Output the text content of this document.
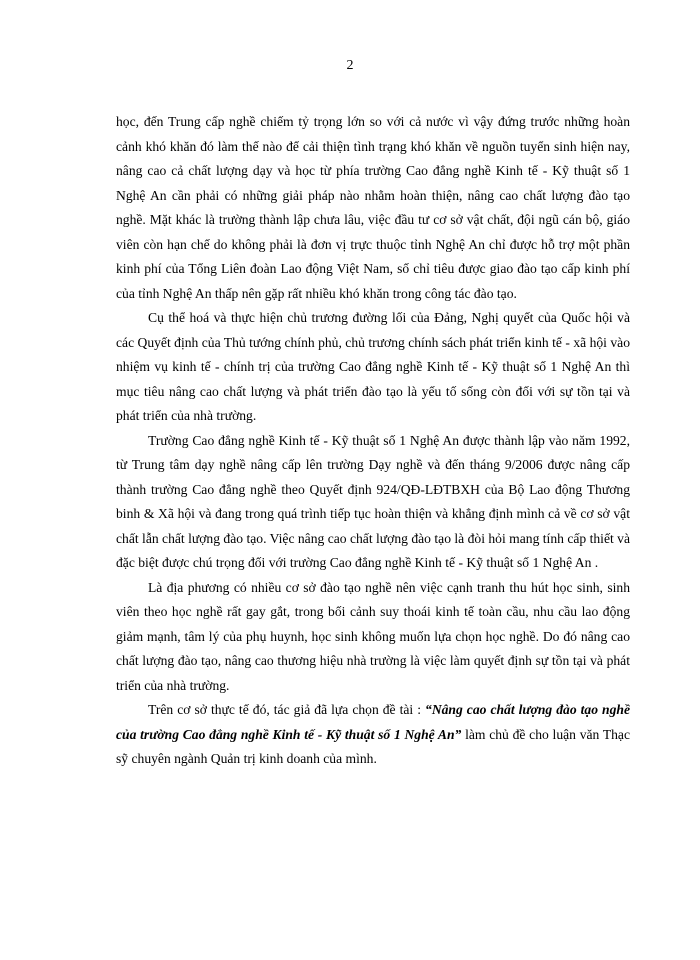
2

học, đến Trung cấp nghề chiếm tỷ trọng lớn so với cả nước vì vậy đứng trước những hoàn cảnh khó khăn đó làm thế nào để cải thiện tình trạng khó khăn về nguồn tuyển sinh hiện nay, nâng cao cả chất lượng dạy và học từ phía trường Cao đẳng nghề Kinh tế - Kỹ thuật số 1 Nghệ An cần phải có những giải pháp nào nhằm hoàn thiện, nâng cao chất lượng đào tạo nghề. Mặt khác là trường thành lập chưa lâu, việc đầu tư cơ sở vật chất, đội ngũ cán bộ, giáo viên còn hạn chế do không phải là đơn vị trực thuộc tỉnh Nghệ An chỉ được hỗ trợ một phần kinh phí của Tổng Liên đoàn Lao động Việt Nam, số chỉ tiêu được giao đào tạo cấp kinh phí của tỉnh Nghệ An thấp nên gặp rất nhiều khó khăn trong công tác đào tạo.

Cụ thể hoá và thực hiện chủ trương đường lối của Đảng, Nghị quyết của Quốc hội và các Quyết định của Thủ tướng chính phủ, chủ trương chính sách phát triển kinh tế - xã hội vào nhiệm vụ kinh tế - chính trị của trường Cao đẳng nghề Kinh tế - Kỹ thuật số 1 Nghệ An thì mục tiêu nâng cao chất lượng và phát triển đào tạo là yếu tố sống còn đối với sự tồn tại và phát triển của nhà trường.

Trường Cao đẳng nghề Kinh tế - Kỹ thuật số 1 Nghệ An được thành lập vào năm 1992, từ Trung tâm dạy nghề nâng cấp lên trường Dạy nghề và đến tháng 9/2006 được nâng cấp thành trường Cao đẳng nghề theo Quyết định 924/QĐ-LĐTBXH của Bộ Lao động Thương binh & Xã hội và đang trong quá trình tiếp tục hoàn thiện và khẳng định mình cả về cơ sở vật chất lẫn chất lượng đào tạo. Việc nâng cao chất lượng đào tạo là đòi hỏi mang tính cấp thiết và đặc biệt được chú trọng đối với trường Cao đẳng nghề Kinh tế - Kỹ thuật số 1 Nghệ An .

Là địa phương có nhiều cơ sở đào tạo nghề nên việc cạnh tranh thu hút học sinh, sinh viên theo học nghề rất gay gắt, trong bối cảnh suy thoái kinh tế toàn cầu, nhu cầu lao động giảm mạnh, tâm lý của phụ huynh, học sinh không muốn lựa chọn học nghề. Do đó nâng cao chất lượng đào tạo, nâng cao thương hiệu nhà trường là việc làm quyết định sự tồn tại và phát triển của nhà trường.

Trên cơ sở thực tế đó, tác giả đã lựa chọn đề tài : “Nâng cao chất lượng đào tạo nghề của trường Cao đẳng nghề Kinh tế - Kỹ thuật số 1 Nghệ An” làm chủ đề cho luận văn Thạc sỹ chuyên ngành Quản trị kinh doanh của mình.
